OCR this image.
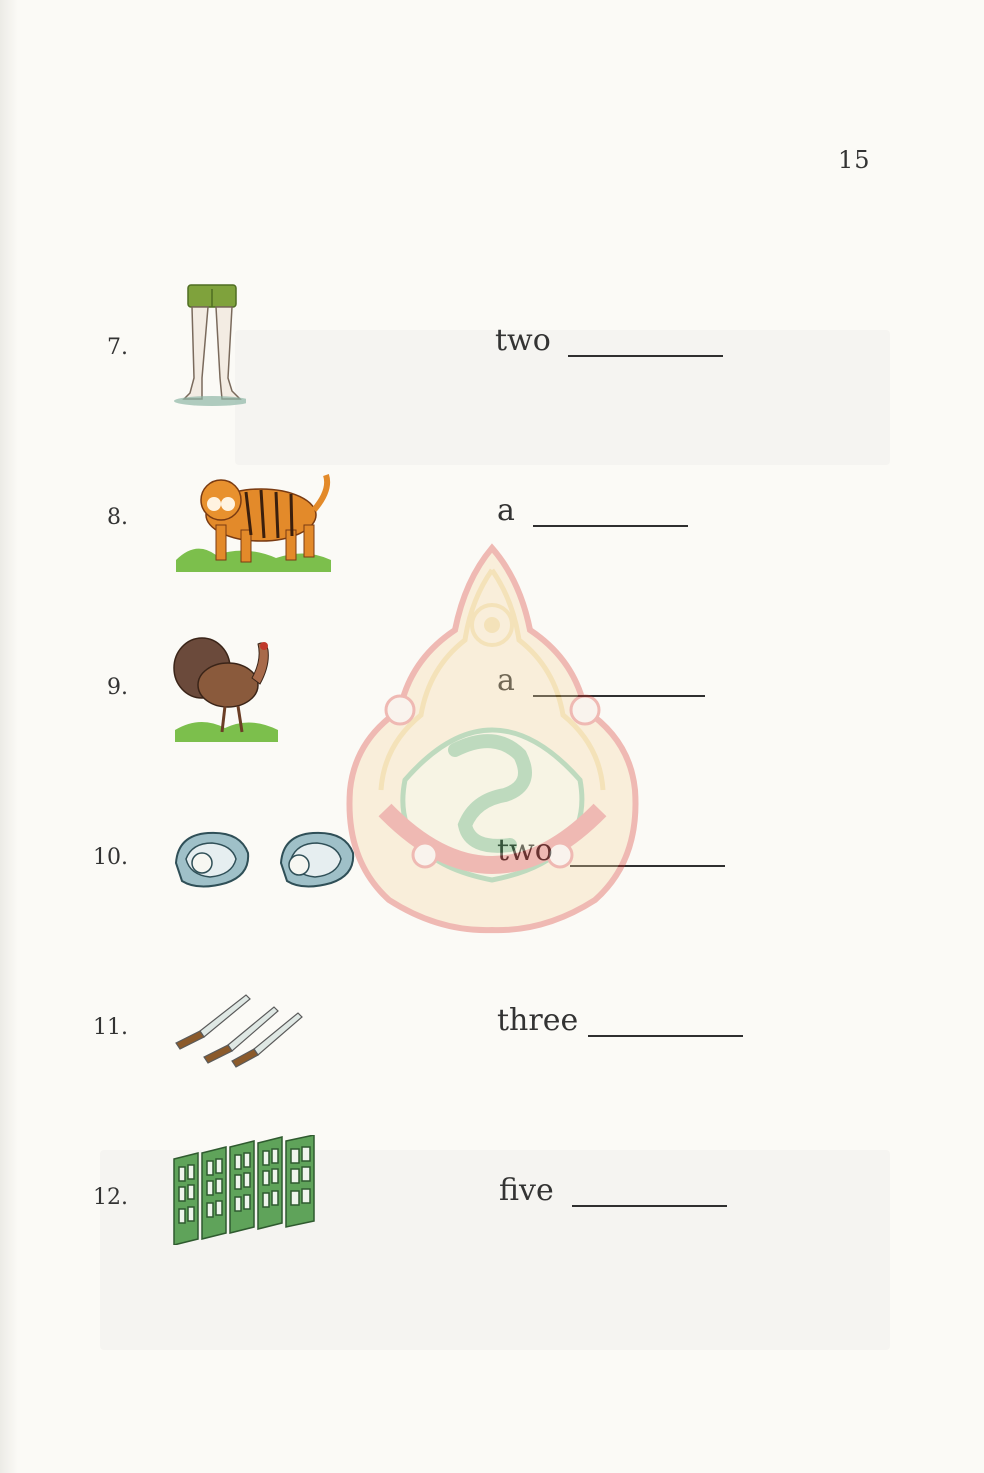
15
7.	two
8.	a
9.	a
10.	two
11.	three
12.	five
